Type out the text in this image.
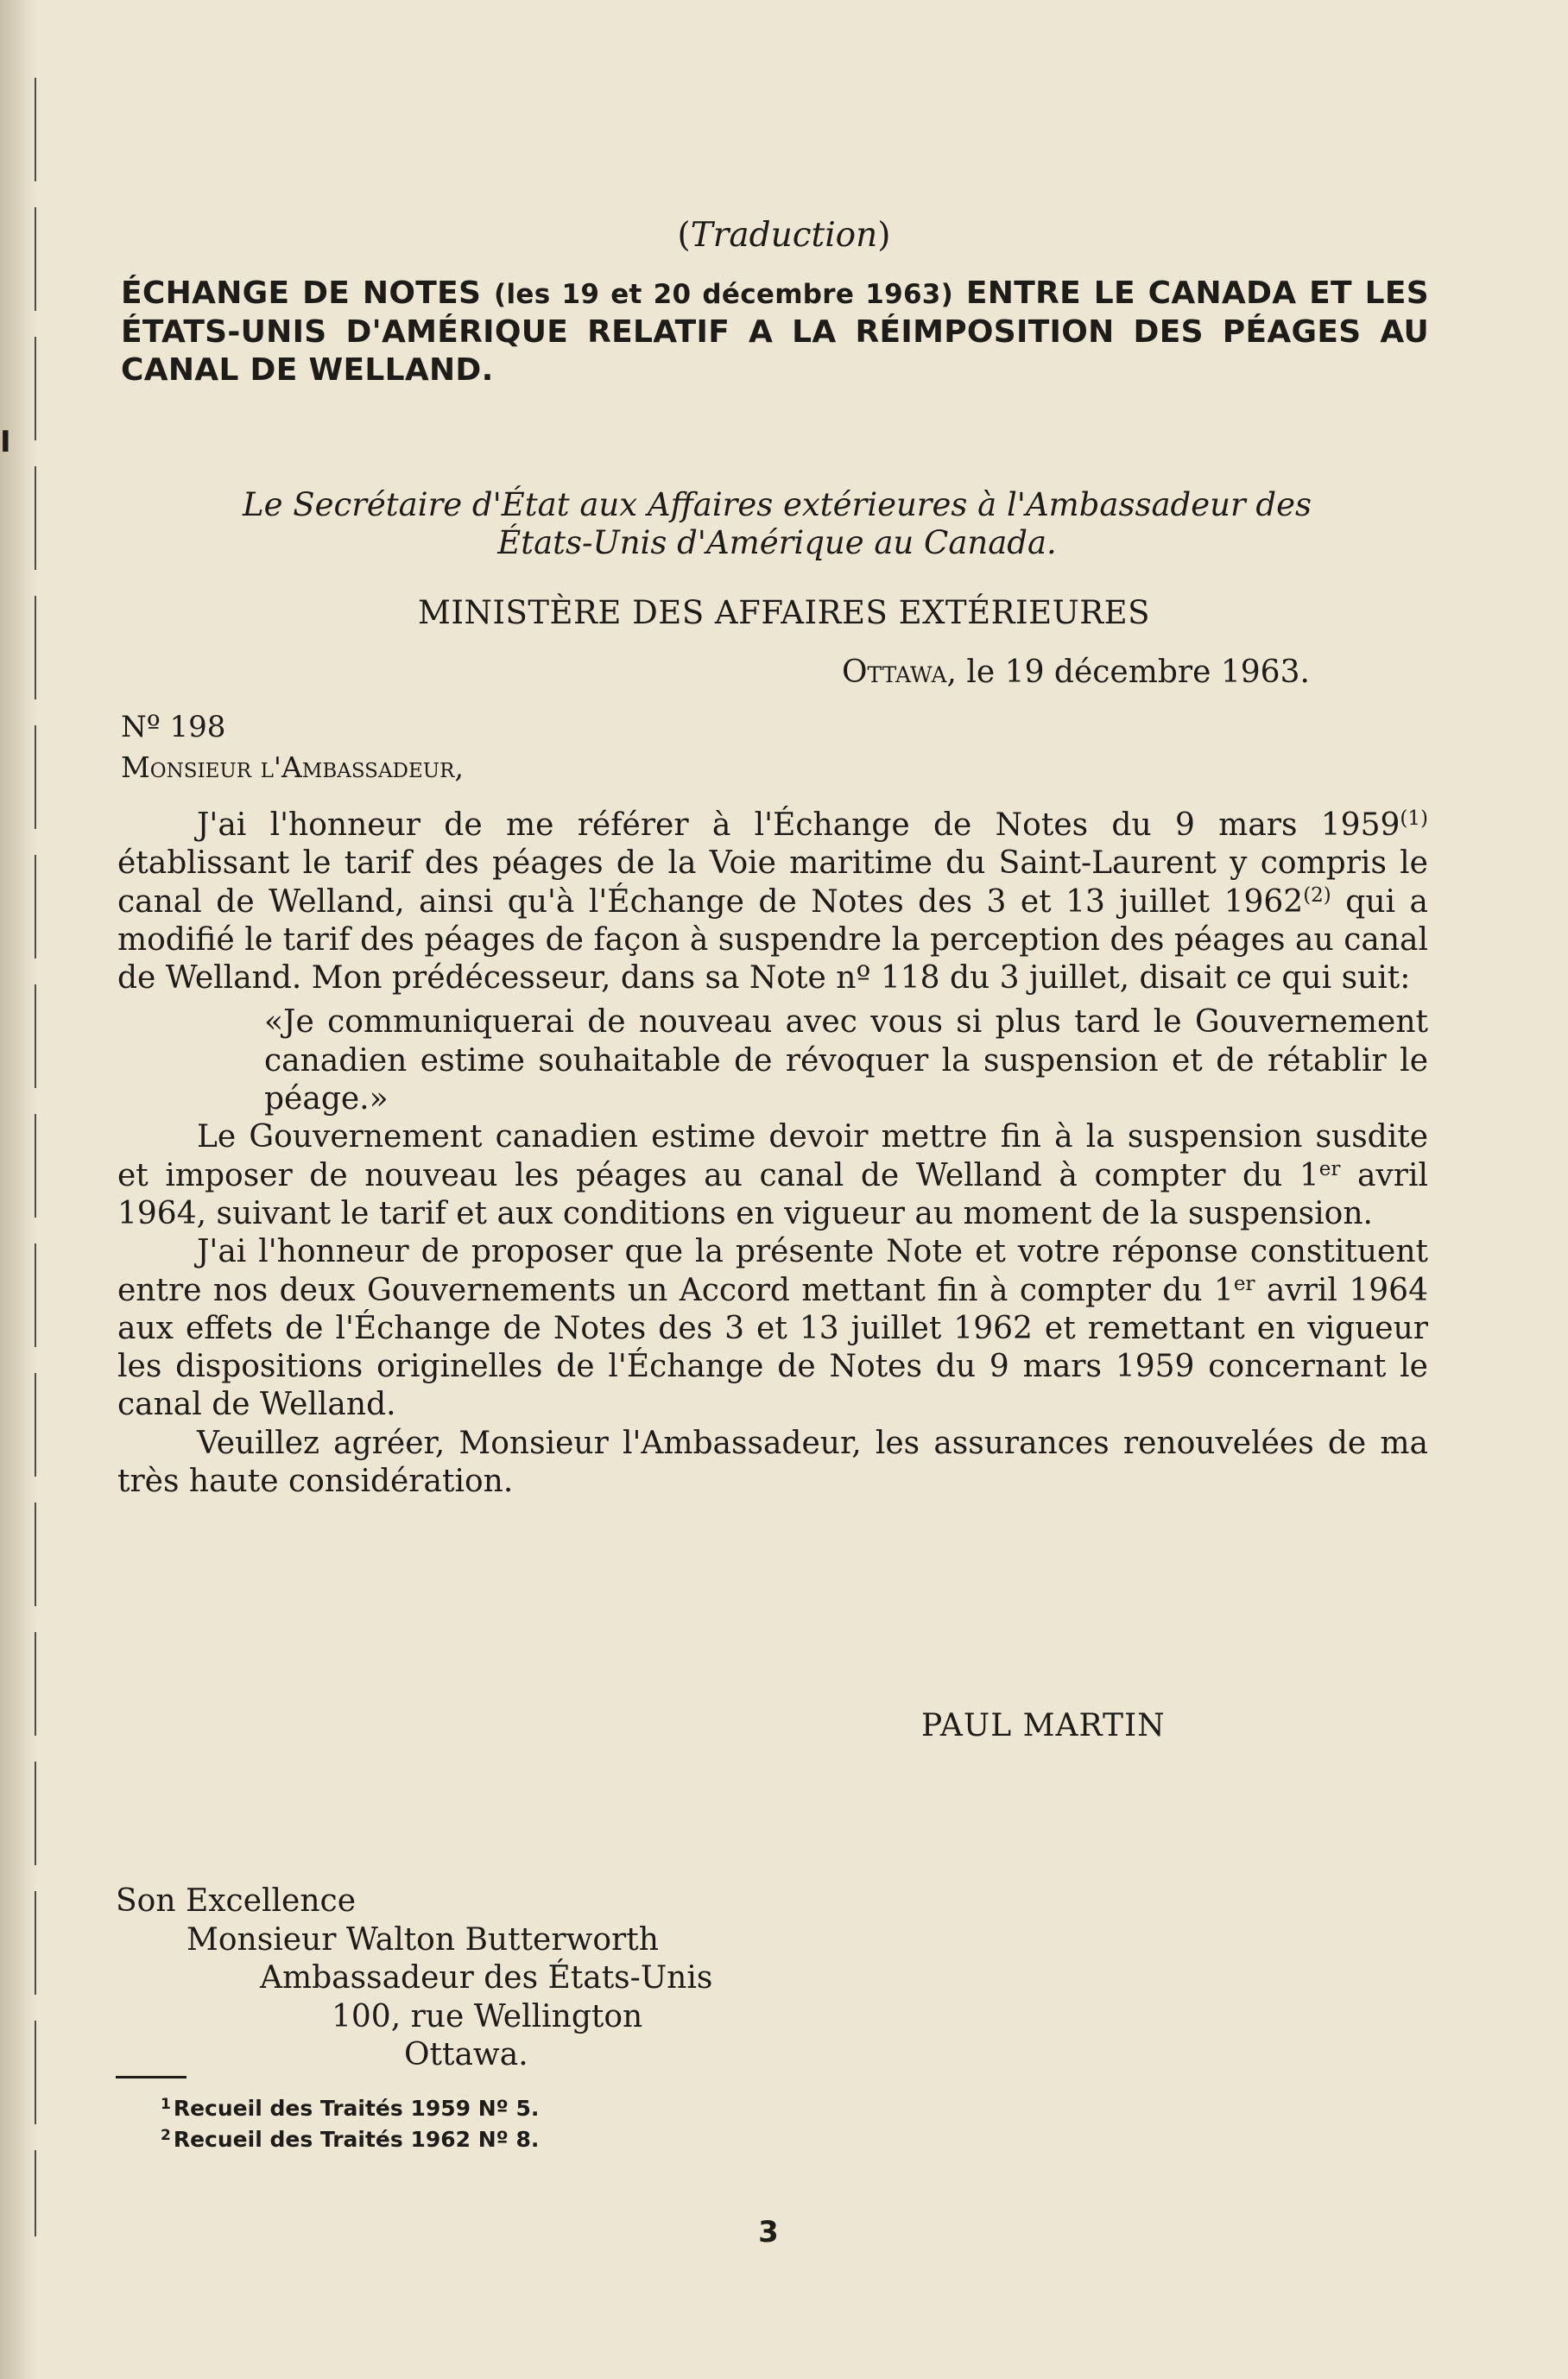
(Traduction)
ÉCHANGE DE NOTES (les 19 et 20 décembre 1963) ENTRE LE CANADA ET LES ÉTATS-UNIS D'AMÉRIQUE RELATIF A LA RÉIMPOSITION DES PÉAGES AU CANAL DE WELLAND.
I
Le Secrétaire d'État aux Affaires extérieures à l'Ambassadeur des
États-Unis d'Amérique au Canada.
MINISTÈRE DES AFFAIRES EXTÉRIEURES
Ottawa, le 19 décembre 1963.
Nº 198
Monsieur l'Ambassadeur,

J'ai l'honneur de me référer à l'Échange de Notes du 9 mars 1959$^{(1)}$ établissant le tarif des péages de la Voie maritime du Saint-Laurent y compris le canal de Welland, ainsi qu'à l'Échange de Notes des 3 et 13 juillet 1962$^{(2)}$ qui a modifié le tarif des péages de façon à suspendre la perception des péages au canal de Welland. Mon prédécesseur, dans sa Note nº 118 du 3 juillet, disait ce qui suit:

«Je communiquerai de nouveau avec vous si plus tard le Gouvernement canadien estime souhaitable de révoquer la suspension et de rétablir le péage.»

Le Gouvernement canadien estime devoir mettre fin à la suspension susdite et imposer de nouveau les péages au canal de Welland à compter du 1er avril 1964, suivant le tarif et aux conditions en vigueur au moment de la suspension.

J'ai l'honneur de proposer que la présente Note et votre réponse constituent entre nos deux Gouvernements un Accord mettant fin à compter du 1er avril 1964 aux effets de l'Échange de Notes des 3 et 13 juillet 1962 et remettant en vigueur les dispositions originelles de l'Échange de Notes du 9 mars 1959 concernant le canal de Welland.

Veuillez agréer, Monsieur l'Ambassadeur, les assurances renouvelées de ma très haute considération.

PAUL MARTIN
Son Excellence
Monsieur Walton Butterworth
Ambassadeur des États-Unis
100, rue Wellington
Ottawa.
$^1$ Recueil des Traités 1959 Nº 5.
$^2$ Recueil des Traités 1962 Nº 8.
3
